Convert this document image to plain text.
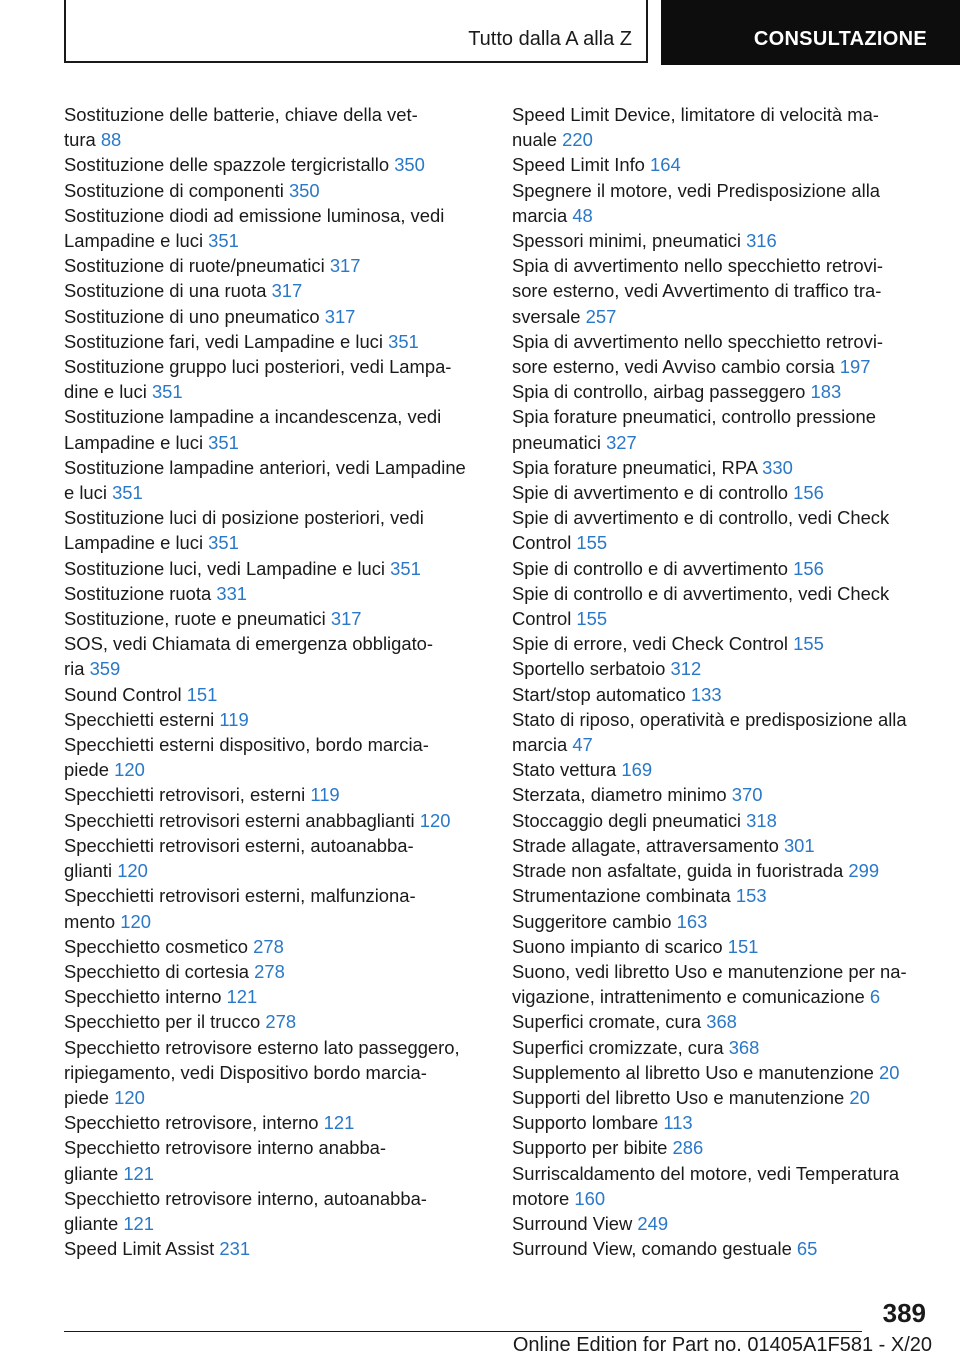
Tutto dalla A alla Z	CONSULTAZIONE
Sostituzione delle batterie, chiave della vet-
tura 88
Sostituzione delle spazzole tergicristallo 350
Sostituzione di componenti 350
Sostituzione diodi ad emissione luminosa, vedi
Lampadine e luci 351
Sostituzione di ruote/pneumatici 317
Sostituzione di una ruota 317
Sostituzione di uno pneumatico 317
Sostituzione fari, vedi Lampadine e luci 351
Sostituzione gruppo luci posteriori, vedi Lampa-
dine e luci 351
Sostituzione lampadine a incandescenza, vedi
Lampadine e luci 351
Sostituzione lampadine anteriori, vedi Lampadine
e luci 351
Sostituzione luci di posizione posteriori, vedi
Lampadine e luci 351
Sostituzione luci, vedi Lampadine e luci 351
Sostituzione ruota 331
Sostituzione, ruote e pneumatici 317
SOS, vedi Chiamata di emergenza obbligato-
ria 359
Sound Control 151
Specchietti esterni 119
Specchietti esterni dispositivo, bordo marcia-
piede 120
Specchietti retrovisori, esterni 119
Specchietti retrovisori esterni anabbaglianti 120
Specchietti retrovisori esterni, autoanabba-
glianti 120
Specchietti retrovisori esterni, malfunziona-
mento 120
Specchietto cosmetico 278
Specchietto di cortesia 278
Specchietto interno 121
Specchietto per il trucco 278
Specchietto retrovisore esterno lato passeggero,
ripiegamento, vedi Dispositivo bordo marcia-
piede 120
Specchietto retrovisore, interno 121
Specchietto retrovisore interno anabba-
gliante 121
Specchietto retrovisore interno, autoanabba-
gliante 121
Speed Limit Assist 231
Speed Limit Device, limitatore di velocità ma-
nuale 220
Speed Limit Info 164
Spegnere il motore, vedi Predisposizione alla
marcia 48
Spessori minimi, pneumatici 316
Spia di avvertimento nello specchietto retrovi-
sore esterno, vedi Avvertimento di traffico tra-
sversale 257
Spia di avvertimento nello specchietto retrovi-
sore esterno, vedi Avviso cambio corsia 197
Spia di controllo, airbag passeggero 183
Spia forature pneumatici, controllo pressione
pneumatici 327
Spia forature pneumatici, RPA 330
Spie di avvertimento e di controllo 156
Spie di avvertimento e di controllo, vedi Check
Control 155
Spie di controllo e di avvertimento 156
Spie di controllo e di avvertimento, vedi Check
Control 155
Spie di errore, vedi Check Control 155
Sportello serbatoio 312
Start/stop automatico 133
Stato di riposo, operatività e predisposizione alla
marcia 47
Stato vettura 169
Sterzata, diametro minimo 370
Stoccaggio degli pneumatici 318
Strade allagate, attraversamento 301
Strade non asfaltate, guida in fuoristrada 299
Strumentazione combinata 153
Suggeritore cambio 163
Suono impianto di scarico 151
Suono, vedi libretto Uso e manutenzione per na-
vigazione, intrattenimento e comunicazione 6
Superfici cromate, cura 368
Superfici cromizzate, cura 368
Supplemento al libretto Uso e manutenzione 20
Supporti del libretto Uso e manutenzione 20
Supporto lombare 113
Supporto per bibite 286
Surriscaldamento del motore, vedi Temperatura
motore 160
Surround View 249
Surround View, comando gestuale 65
389
Online Edition for Part no. 01405A1F581 - X/20
